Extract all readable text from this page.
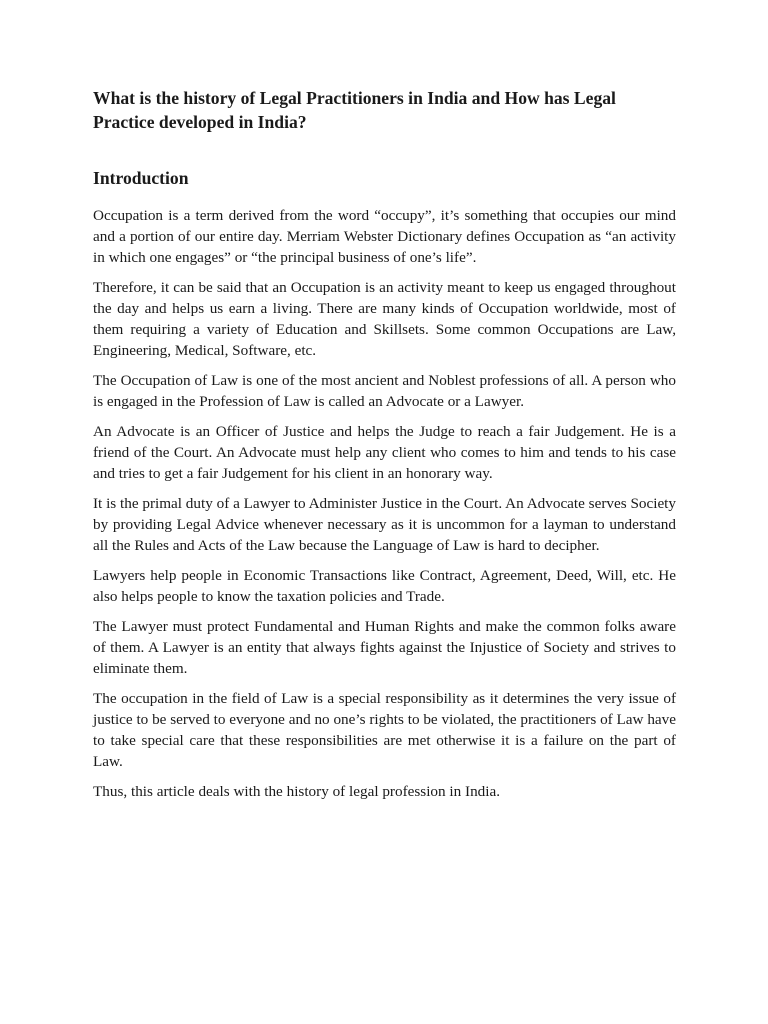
What is the history of Legal Practitioners in India and How has Legal Practice developed in India?
Introduction

Occupation is a term derived from the word “occupy”, it’s something that occupies our mind and a portion of our entire day. Merriam Webster Dictionary defines Occupation as “an activity in which one engages” or “the principal business of one’s life”.

Therefore, it can be said that an Occupation is an activity meant to keep us engaged throughout the day and helps us earn a living. There are many kinds of Occupation worldwide, most of them requiring a variety of Education and Skillsets. Some common Occupations are Law, Engineering, Medical, Software, etc.

The Occupation of Law is one of the most ancient and Noblest professions of all. A person who is engaged in the Profession of Law is called an Advocate or a Lawyer.

An Advocate is an Officer of Justice and helps the Judge to reach a fair Judgement. He is a friend of the Court. An Advocate must help any client who comes to him and tends to his case and tries to get a fair Judgement for his client in an honorary way.

It is the primal duty of a Lawyer to Administer Justice in the Court. An Advocate serves Society by providing Legal Advice whenever necessary as it is uncommon for a layman to understand all the Rules and Acts of the Law because the Language of Law is hard to decipher.

Lawyers help people in Economic Transactions like Contract, Agreement, Deed, Will, etc. He also helps people to know the taxation policies and Trade.

The Lawyer must protect Fundamental and Human Rights and make the common folks aware of them. A Lawyer is an entity that always fights against the Injustice of Society and strives to eliminate them.

The occupation in the field of Law is a special responsibility as it determines the very issue of justice to be served to everyone and no one’s rights to be violated, the practitioners of Law have to take special care that these responsibilities are met otherwise it is a failure on the part of Law.

Thus, this article deals with the history of legal profession in India.
